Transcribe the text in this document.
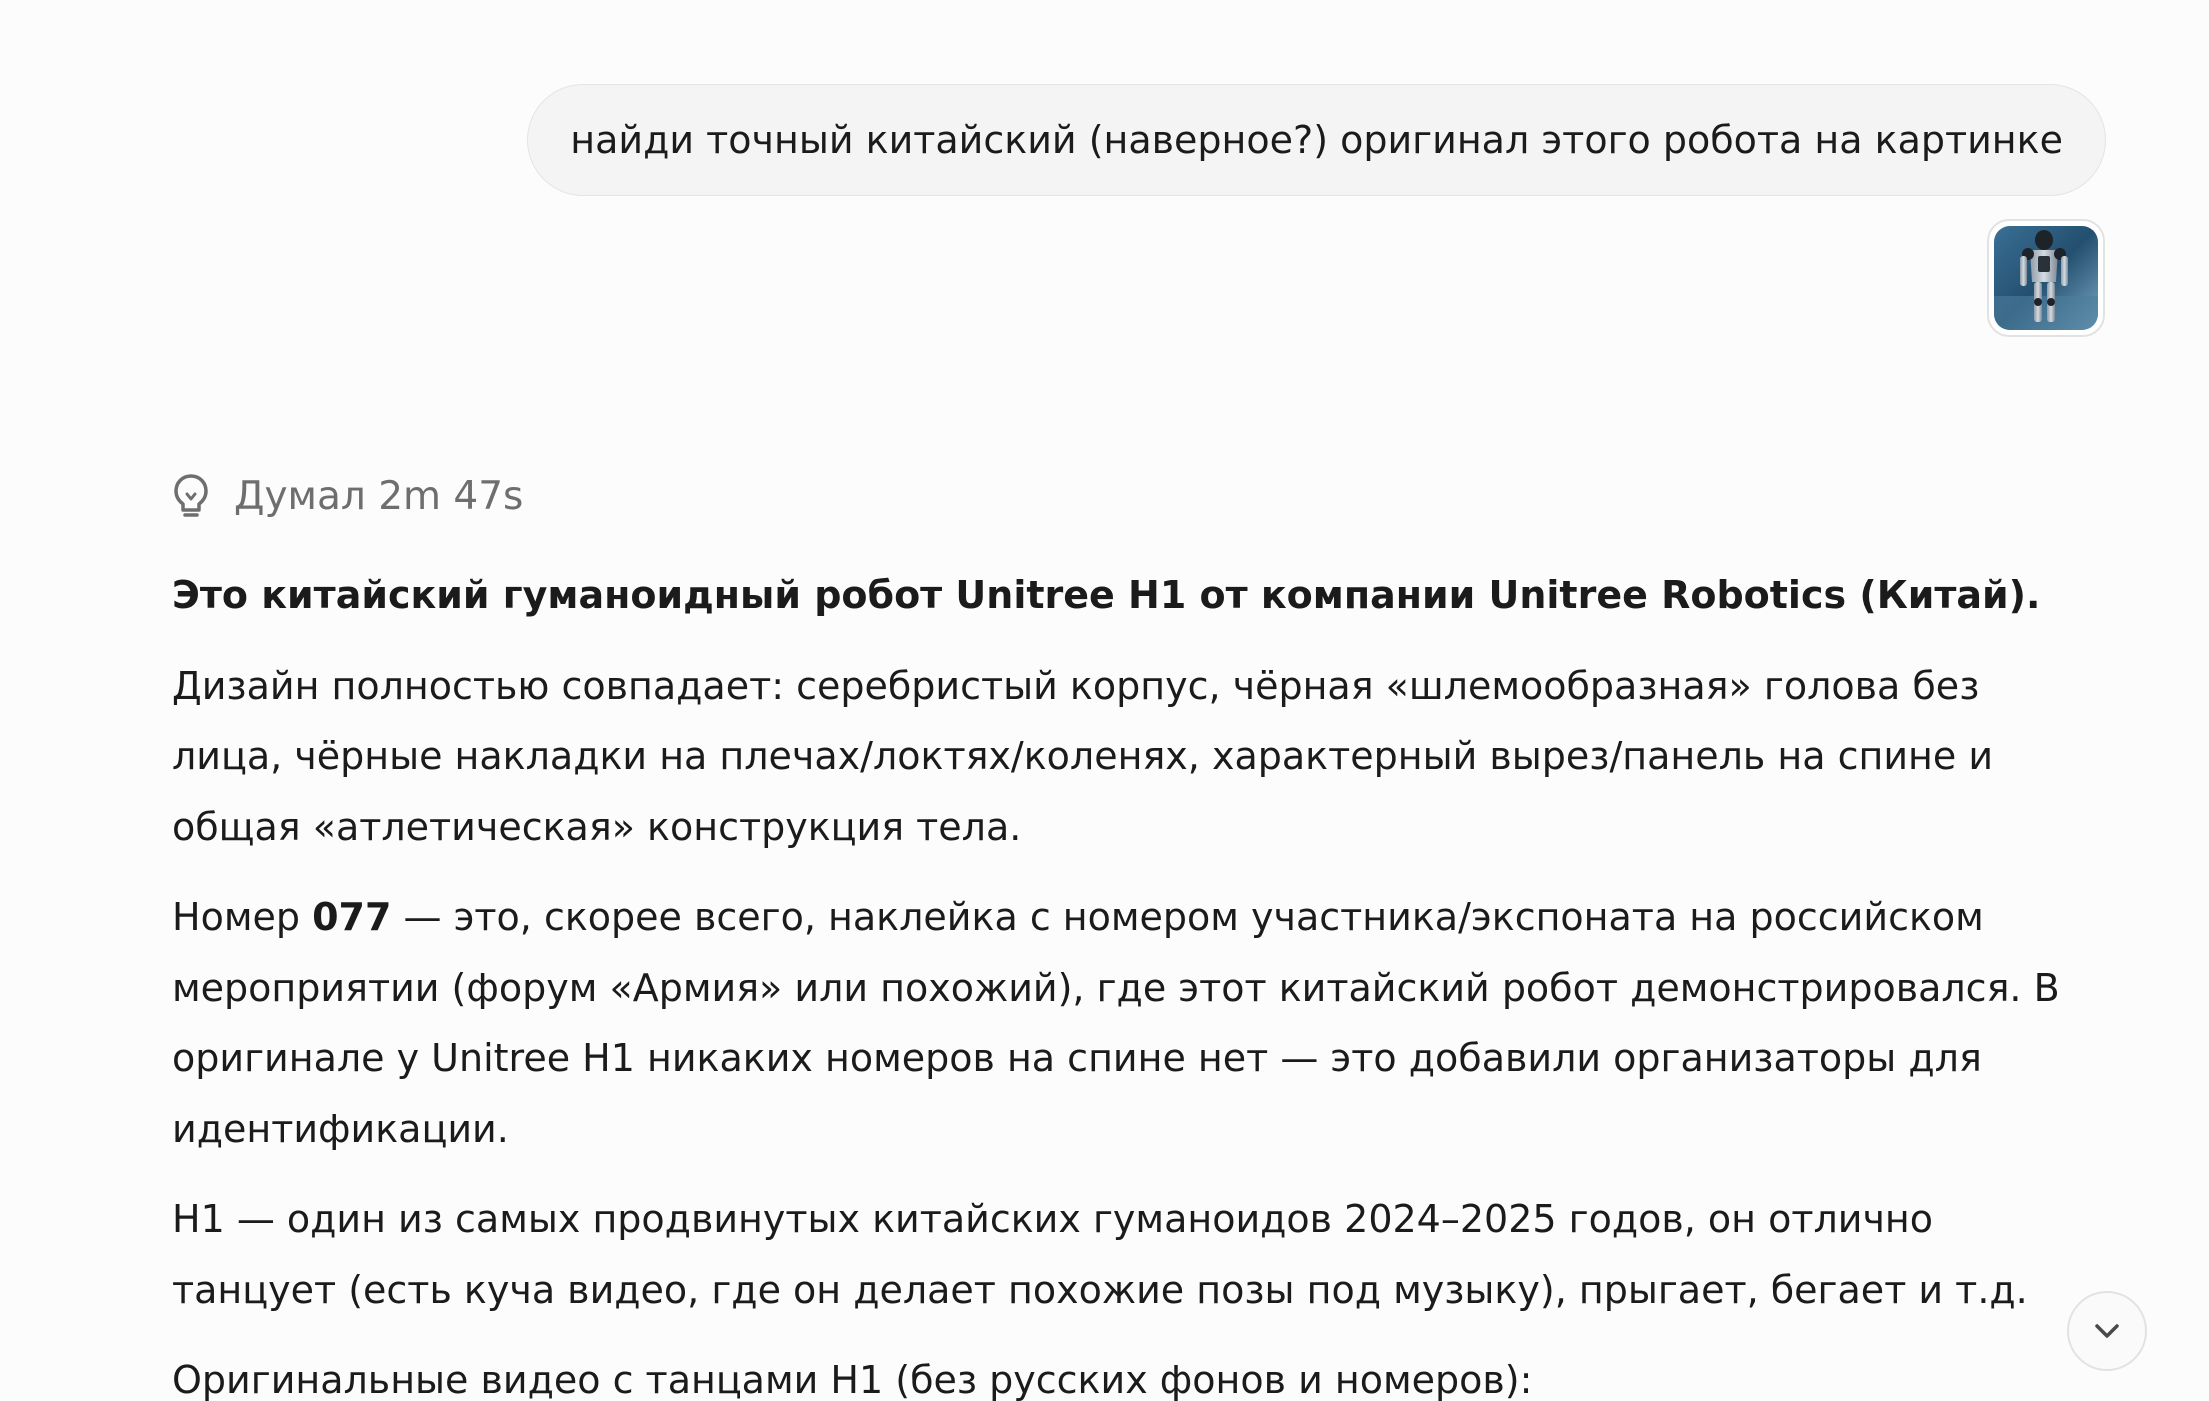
найди точный китайский (наверное?) оригинал этого робота на картинке
Думал 2m 47s

Это китайский гуманоидный робот Unitree H1 от компании Unitree Robotics (Китай).

Дизайн полностью совпадает: серебристый корпус, чёрная «шлемообразная» голова без лица, чёрные накладки на плечах/локтях/коленях, характерный вырез/панель на спине и общая «атлетическая» конструкция тела.

Номер 077 — это, скорее всего, наклейка с номером участника/экспоната на российском мероприятии (форум «Армия» или похожий), где этот китайский робот демонстрировался. В оригинале у Unitree H1 никаких номеров на спине нет — это добавили организаторы для идентификации.

H1 — один из самых продвинутых китайских гуманоидов 2024–2025 годов, он отлично танцует (есть куча видео, где он делает похожие позы под музыку), прыгает, бегает и т.д.

Оригинальные видео с танцами H1 (без русских фонов и номеров):
